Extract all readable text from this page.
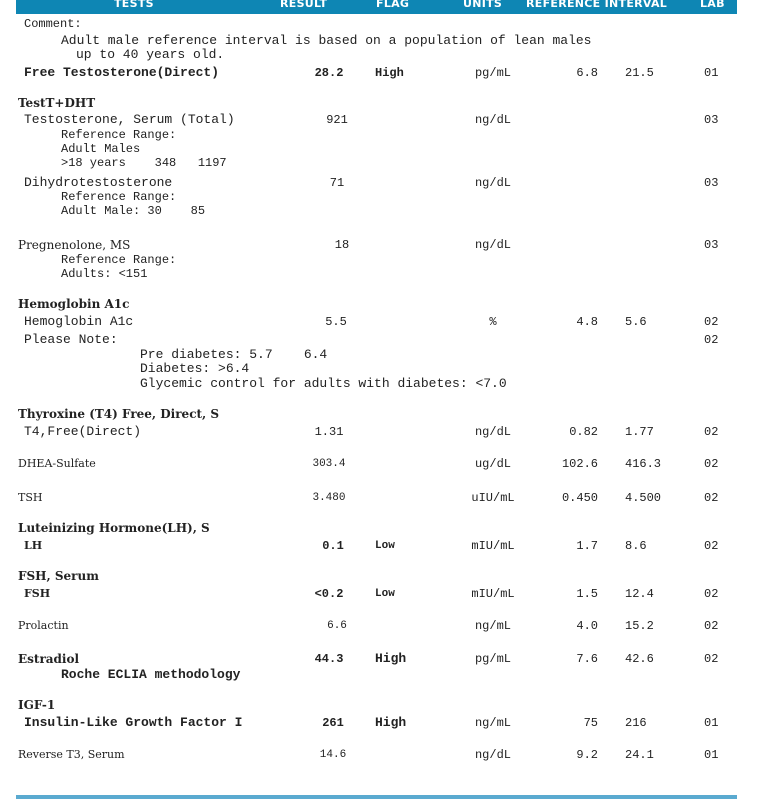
TESTS	RESULT	FLAG	UNITS REFERENCE INTERVAL	LAB
Comment:
Adult male reference interval is based on a population of lean males
up to 40 years old.
Free Testosterone(Direct)	28.2	High	pg/mL	6.8 21.5	01
TestT+DHT
Testosterone, Serum (Total)	921	ng/dL	03
Reference Range:
Adult Males
>18 years    348   1197
Dihydrotestosterone	71	ng/dL	03
Reference Range:
Adult Male: 30    85
Pregnenolone, MS	18	ng/dL	03
Reference Range:
Adults: <151
Hemoglobin A1c
Hemoglobin A1c	5.5	%	4.8 5.6	02
Please Note:	02
Pre diabetes: 5.7    6.4
Diabetes: >6.4
Glycemic control for adults with diabetes: <7.0
Thyroxine (T4) Free, Direct, S
T4,Free(Direct)	1.31	ng/dL	0.82 1.77	02
DHEA-Sulfate	303.4	ug/dL	102.6 416.3	02
TSH	3.480	uIU/mL	0.450 4.500	02
Luteinizing Hormone(LH), S
LH	0.1	Low	mIU/mL	1.7 8.6	02
FSH, Serum
FSH	<0.2	Low	mIU/mL	1.5 12.4	02
Prolactin	6.6	ng/mL	4.0 15.2	02
Estradiol	44.3	High	pg/mL	7.6 42.6	02
Roche ECLIA methodology
IGF-1
Insulin-Like Growth Factor I	261	High	ng/mL	75 216	01
Reverse T3, Serum	14.6	ng/dL	9.2 24.1	01
